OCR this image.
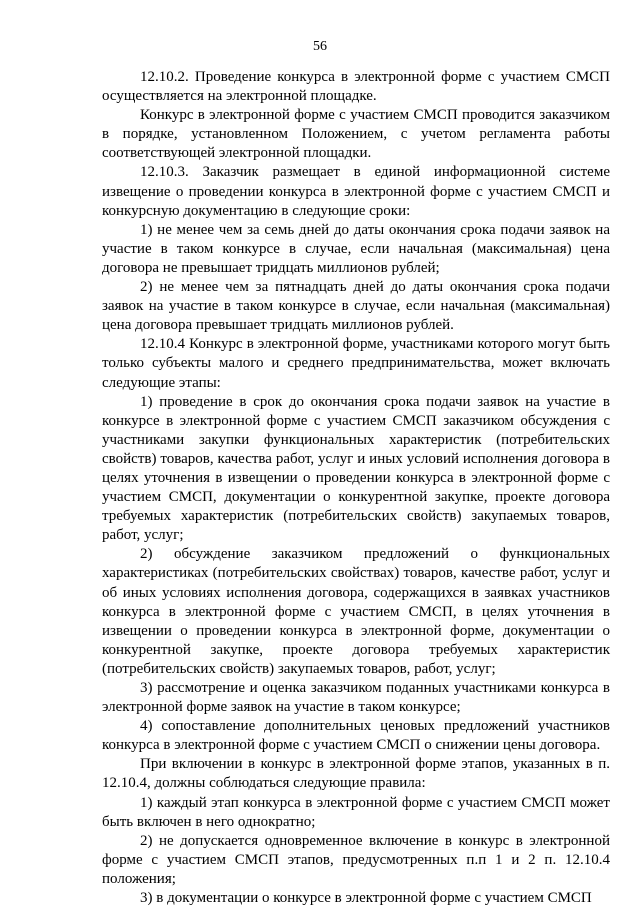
56

12.10.2. Проведение конкурса в электронной форме с участием СМСП осуществляется на электронной площадке.

Конкурс в электронной форме с участием СМСП проводится заказчиком в порядке, установленном Положением, с учетом регламента работы соответствующей электронной площадки.

12.10.3. Заказчик размещает в единой информационной системе извещение о проведении конкурса в электронной форме с участием СМСП и конкурсную документацию в следующие сроки:

1) не менее чем за семь дней до даты окончания срока подачи заявок на участие в таком конкурсе в случае, если начальная (максимальная) цена договора не превышает тридцать миллионов рублей;

2) не менее чем за пятнадцать дней до даты окончания срока подачи заявок на участие в таком конкурсе в случае, если начальная (максимальная) цена договора превышает тридцать миллионов рублей.

12.10.4 Конкурс в электронной форме, участниками которого могут быть только субъекты малого и среднего предпринимательства, может включать следующие этапы:

1) проведение в срок до окончания срока подачи заявок на участие в конкурсе в электронной форме с участием СМСП заказчиком обсуждения с участниками закупки функциональных характеристик (потребительских свойств) товаров, качества работ, услуг и иных условий исполнения договора в целях уточнения в извещении о проведении конкурса в электронной форме с участием СМСП, документации о конкурентной закупке, проекте договора требуемых характеристик (потребительских свойств) закупаемых товаров, работ, услуг;

2) обсуждение заказчиком предложений о функциональных характеристиках (потребительских свойствах) товаров, качестве работ, услуг и об иных условиях исполнения договора, содержащихся в заявках участников конкурса в электронной форме с участием СМСП, в целях уточнения в извещении о проведении конкурса в электронной форме, документации о конкурентной закупке, проекте договора требуемых характеристик (потребительских свойств) закупаемых товаров, работ, услуг;

3) рассмотрение и оценка заказчиком поданных участниками конкурса в электронной форме заявок на участие в таком конкурсе;

4) сопоставление дополнительных ценовых предложений участников конкурса в электронной форме с участием СМСП о снижении цены договора.

При включении в конкурс в электронной форме этапов, указанных в п. 12.10.4, должны соблюдаться следующие правила:

1) каждый этап конкурса в электронной форме с участием СМСП может быть включен в него однократно;

2) не допускается одновременное включение в конкурс в электронной форме с участием СМСП этапов, предусмотренных п.п 1 и 2 п. 12.10.4 положения;

3) в документации о конкурсе в электронной форме с участием СМСП
